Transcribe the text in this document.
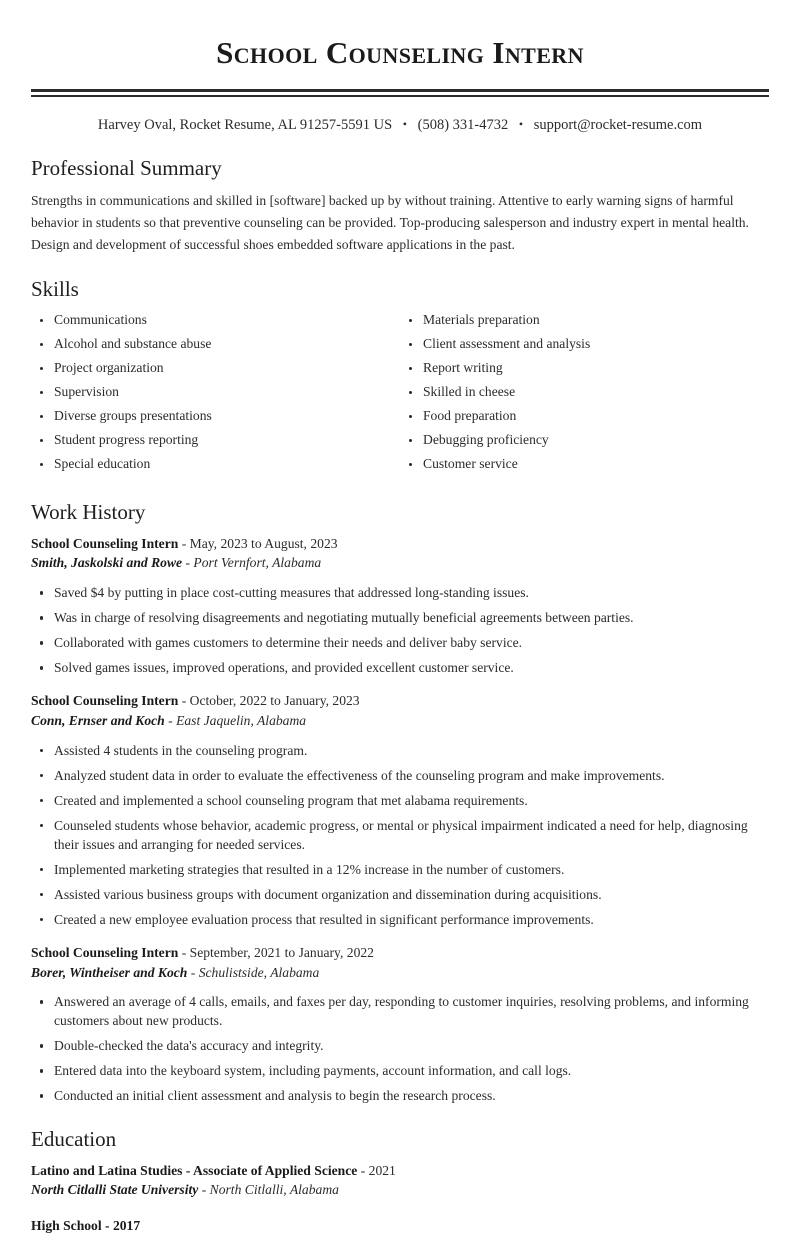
School Counseling Intern
Harvey Oval, Rocket Resume, AL 91257-5591 US • (508) 331-4732 • support@rocket-resume.com
Professional Summary

Strengths in communications and skilled in [software] backed up by without training. Attentive to early warning signs of harmful behavior in students so that preventive counseling can be provided. Top-producing salesperson and industry expert in mental health. Design and development of successful shoes embedded software applications in the past.

Skills
Communications
Alcohol and substance abuse
Project organization
Supervision
Diverse groups presentations
Student progress reporting
Special education
Materials preparation
Client assessment and analysis
Report writing
Skilled in cheese
Food preparation
Debugging proficiency
Customer service
Work History
School Counseling Intern - May, 2023 to August, 2023
Smith, Jaskolski and Rowe - Port Vernfort, Alabama
Saved $4 by putting in place cost-cutting measures that addressed long-standing issues.
Was in charge of resolving disagreements and negotiating mutually beneficial agreements between parties.
Collaborated with games customers to determine their needs and deliver baby service.
Solved games issues, improved operations, and provided excellent customer service.
School Counseling Intern - October, 2022 to January, 2023
Conn, Ernser and Koch - East Jaquelin, Alabama
Assisted 4 students in the counseling program.
Analyzed student data in order to evaluate the effectiveness of the counseling program and make improvements.
Created and implemented a school counseling program that met alabama requirements.
Counseled students whose behavior, academic progress, or mental or physical impairment indicated a need for help, diagnosing their issues and arranging for needed services.
Implemented marketing strategies that resulted in a 12% increase in the number of customers.
Assisted various business groups with document organization and dissemination during acquisitions.
Created a new employee evaluation process that resulted in significant performance improvements.
School Counseling Intern - September, 2021 to January, 2022
Borer, Wintheiser and Koch - Schulistside, Alabama
Answered an average of 4 calls, emails, and faxes per day, responding to customer inquiries, resolving problems, and informing customers about new products.
Double-checked the data's accuracy and integrity.
Entered data into the keyboard system, including payments, account information, and call logs.
Conducted an initial client assessment and analysis to begin the research process.
Education
Latino and Latina Studies - Associate of Applied Science - 2021
North Citlalli State University - North Citlalli, Alabama
High School - 2017
